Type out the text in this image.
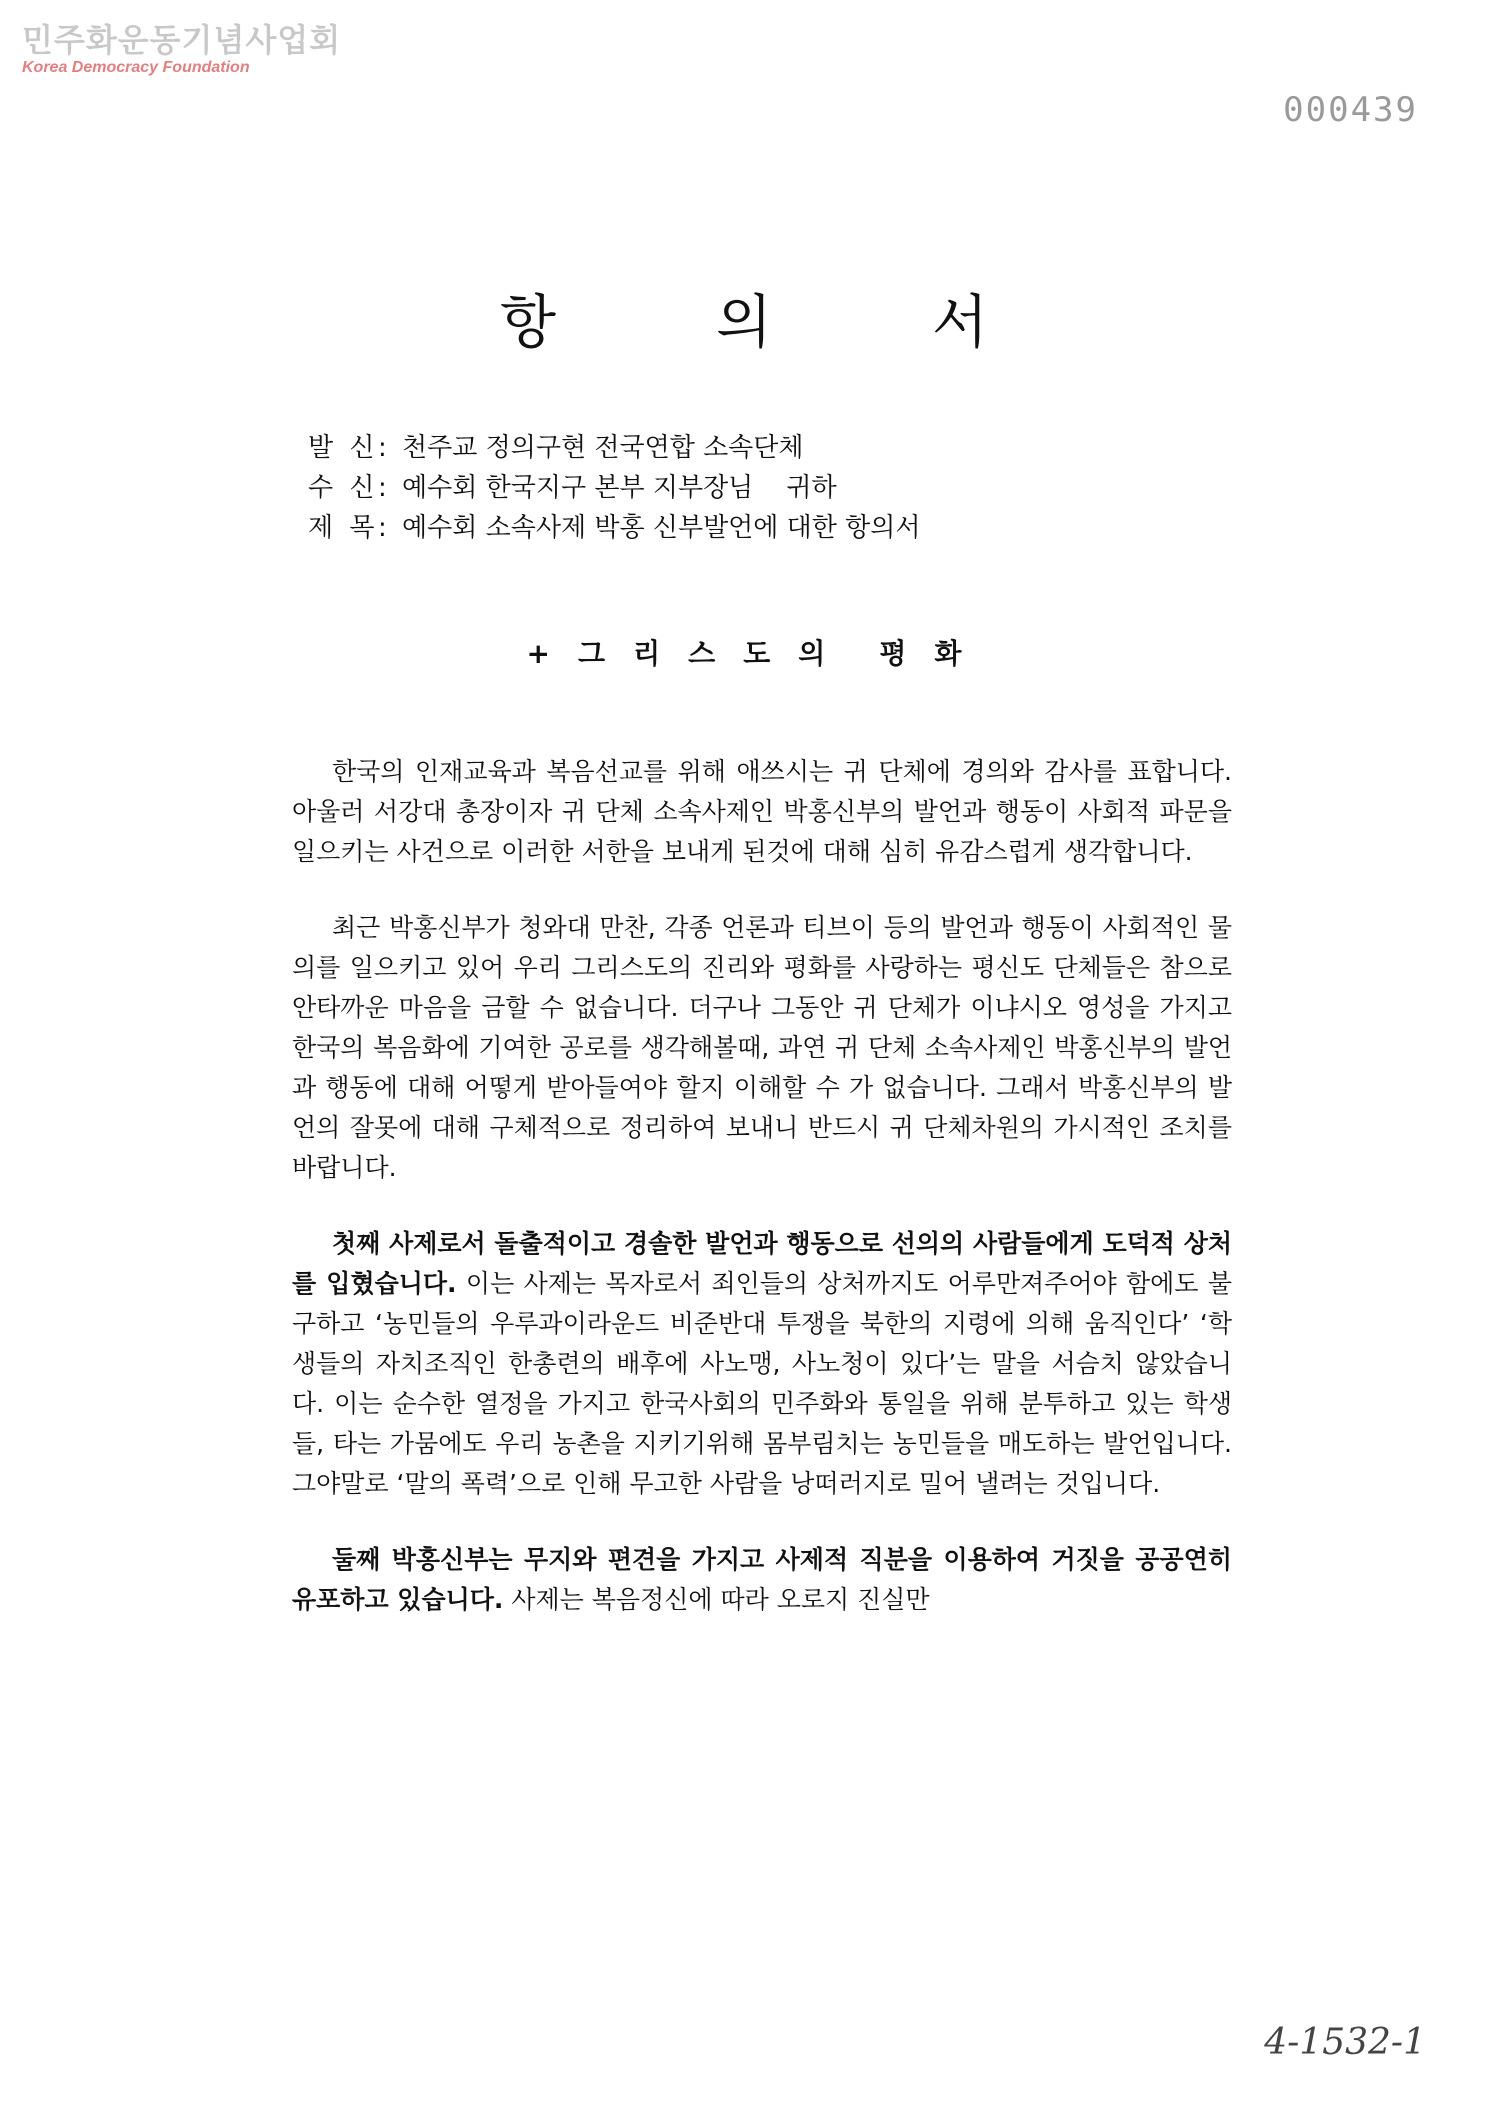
민주화운동기념사업회
Korea Democracy Foundation
000439
항	의	서
발 신: 천주교 정의구현 전국연합 소속단체
수 신: 예수회 한국지구 본부 지부장님    귀하
제 목: 예수회 소속사제 박홍 신부발언에 대한 항의서
+ 그 리 스 도 의 평 화

한국의 인재교육과 복음선교를 위해 애쓰시는 귀 단체에 경의와 감사를 표합니다. 아울러 서강대 총장이자 귀 단체 소속사제인 박홍신부의 발언과 행동이 사회적 파문을 일으키는 사건으로 이러한 서한을 보내게 된것에 대해 심히 유감스럽게 생각합니다.

최근 박홍신부가 청와대 만찬, 각종 언론과 티브이 등의 발언과 행동이 사회적인 물의를 일으키고 있어 우리 그리스도의 진리와 평화를 사랑하는 평신도 단체들은 참으로 안타까운 마음을 금할 수 없습니다. 더구나 그동안 귀 단체가 이냐시오 영성을 가지고 한국의 복음화에 기여한 공로를 생각해볼때, 과연 귀 단체 소속사제인 박홍신부의 발언과 행동에 대해 어떻게 받아들여야 할지 이해할 수 가 없습니다. 그래서 박홍신부의 발언의 잘못에 대해 구체적으로 정리하여 보내니 반드시 귀 단체차원의 가시적인 조치를 바랍니다.

첫째 사제로서 돌출적이고 경솔한 발언과 행동으로 선의의 사람들에게 도덕적 상처를 입혔습니다. 이는 사제는 목자로서 죄인들의 상처까지도 어루만져주어야 함에도 불구하고 ‘농민들의 우루과이라운드 비준반대 투쟁을 북한의 지령에 의해 움직인다’ ‘학생들의 자치조직인 한총련의 배후에 사노맹, 사노청이 있다’는 말을 서슴치 않았습니다. 이는 순수한 열정을 가지고 한국사회의 민주화와 통일을 위해 분투하고 있는 학생들, 타는 가뭄에도 우리 농촌을 지키기위해 몸부림치는 농민들을 매도하는 발언입니다. 그야말로 ‘말의 폭력’으로 인해 무고한 사람을 낭떠러지로 밀어 낼려는 것입니다.

둘째 박홍신부는 무지와 편견을 가지고 사제적 직분을 이용하여 거짓을 공공연히 유포하고 있습니다. 사제는 복음정신에 따라 오로지 진실만

4-1532-1
